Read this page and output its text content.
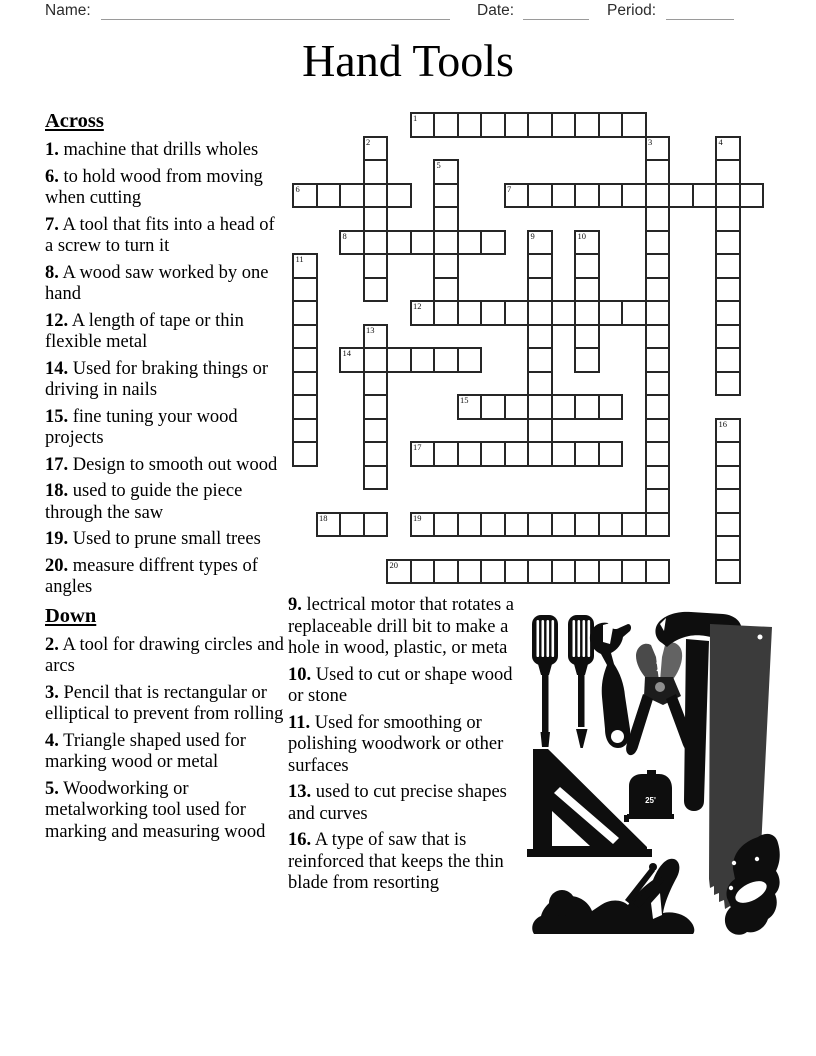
Name:	Date:	Period:
Hand Tools
1
2	3	4
5
6	7
8	9	10
11
12
13
14
15
16
17
18	19
20
Across

1. machine that drills wholes

6. to hold wood from moving when cutting

7. A tool that fits into a head of a screw to turn it

8. A wood saw worked by one hand

12. A length of tape or thin flexible metal

14. Used for braking things or driving in nails

15. fine tuning your wood projects

17. Design to smooth out wood

18. used to guide the piece through the saw

19. Used to prune small trees

20. measure diffrent types of angles

Down

2. A tool for drawing circles and arcs

3. Pencil that is rectangular or elliptical to prevent from rolling

4. Triangle shaped used for marking wood or metal

5. Woodworking or metalworking tool used for marking and measuring wood

9. lectrical motor that rotates a replaceable drill bit to make a hole in wood, plastic, or meta

10. Used to cut or shape wood or stone

11. Used for smoothing or polishing woodwork or other surfaces

13. used to cut precise shapes and curves

16. A type of saw that is reinforced that keeps the thin blade from resorting

25'
